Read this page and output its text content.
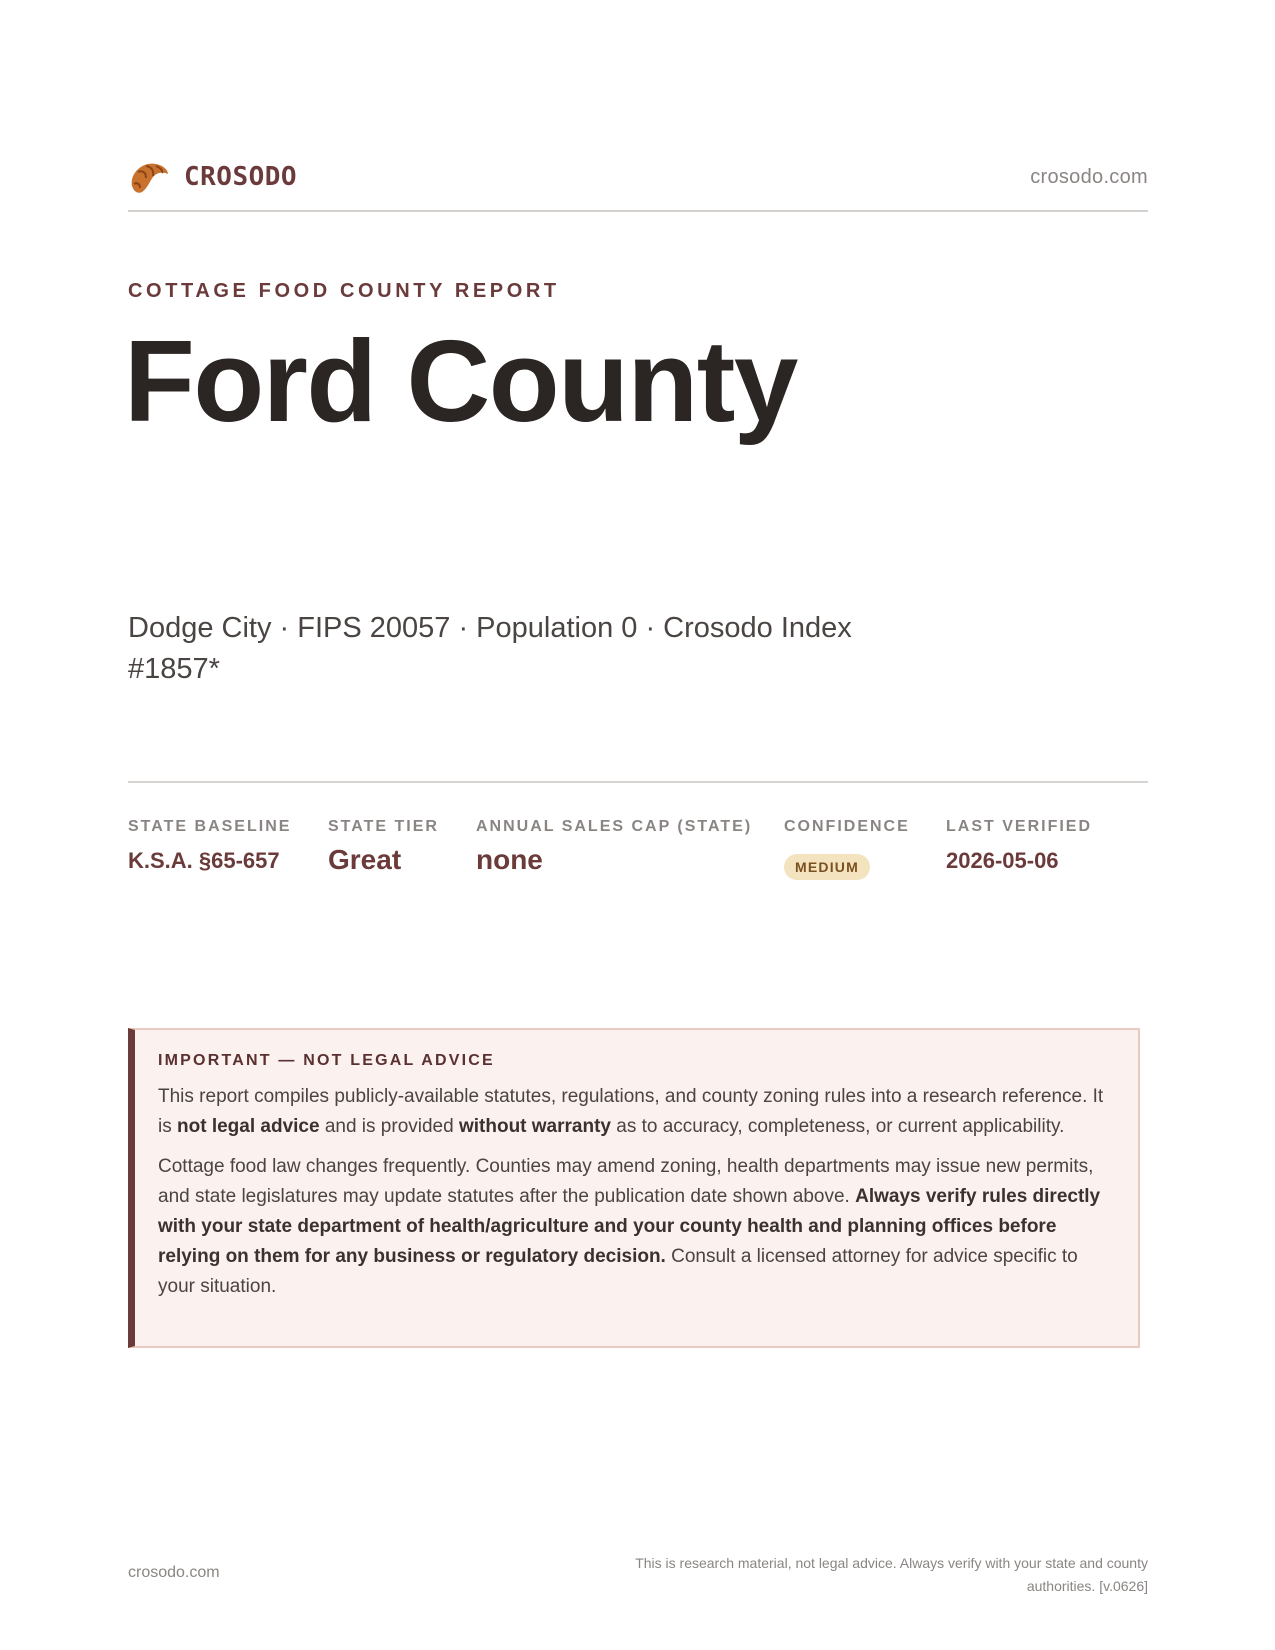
CROSODO	crosodo.com
COTTAGE FOOD COUNTY REPORT
Ford County
Dodge City · FIPS 20057 · Population 0 · Crosodo Index #1857*
STATE BASELINE
K.S.A. §65-657
STATE TIER
Great
ANNUAL SALES CAP (STATE)
none
CONFIDENCE
MEDIUM
LAST VERIFIED
2026-05-06
IMPORTANT — NOT LEGAL ADVICE

This report compiles publicly-available statutes, regulations, and county zoning rules into a research reference. It is not legal advice and is provided without warranty as to accuracy, completeness, or current applicability.

Cottage food law changes frequently. Counties may amend zoning, health departments may issue new permits, and state legislatures may update statutes after the publication date shown above. Always verify rules directly with your state department of health/agriculture and your county health and planning offices before relying on them for any business or regulatory decision. Consult a licensed attorney for advice specific to your situation.

crosodo.com
This is research material, not legal advice. Always verify with your state and county authorities. [v.0626]
